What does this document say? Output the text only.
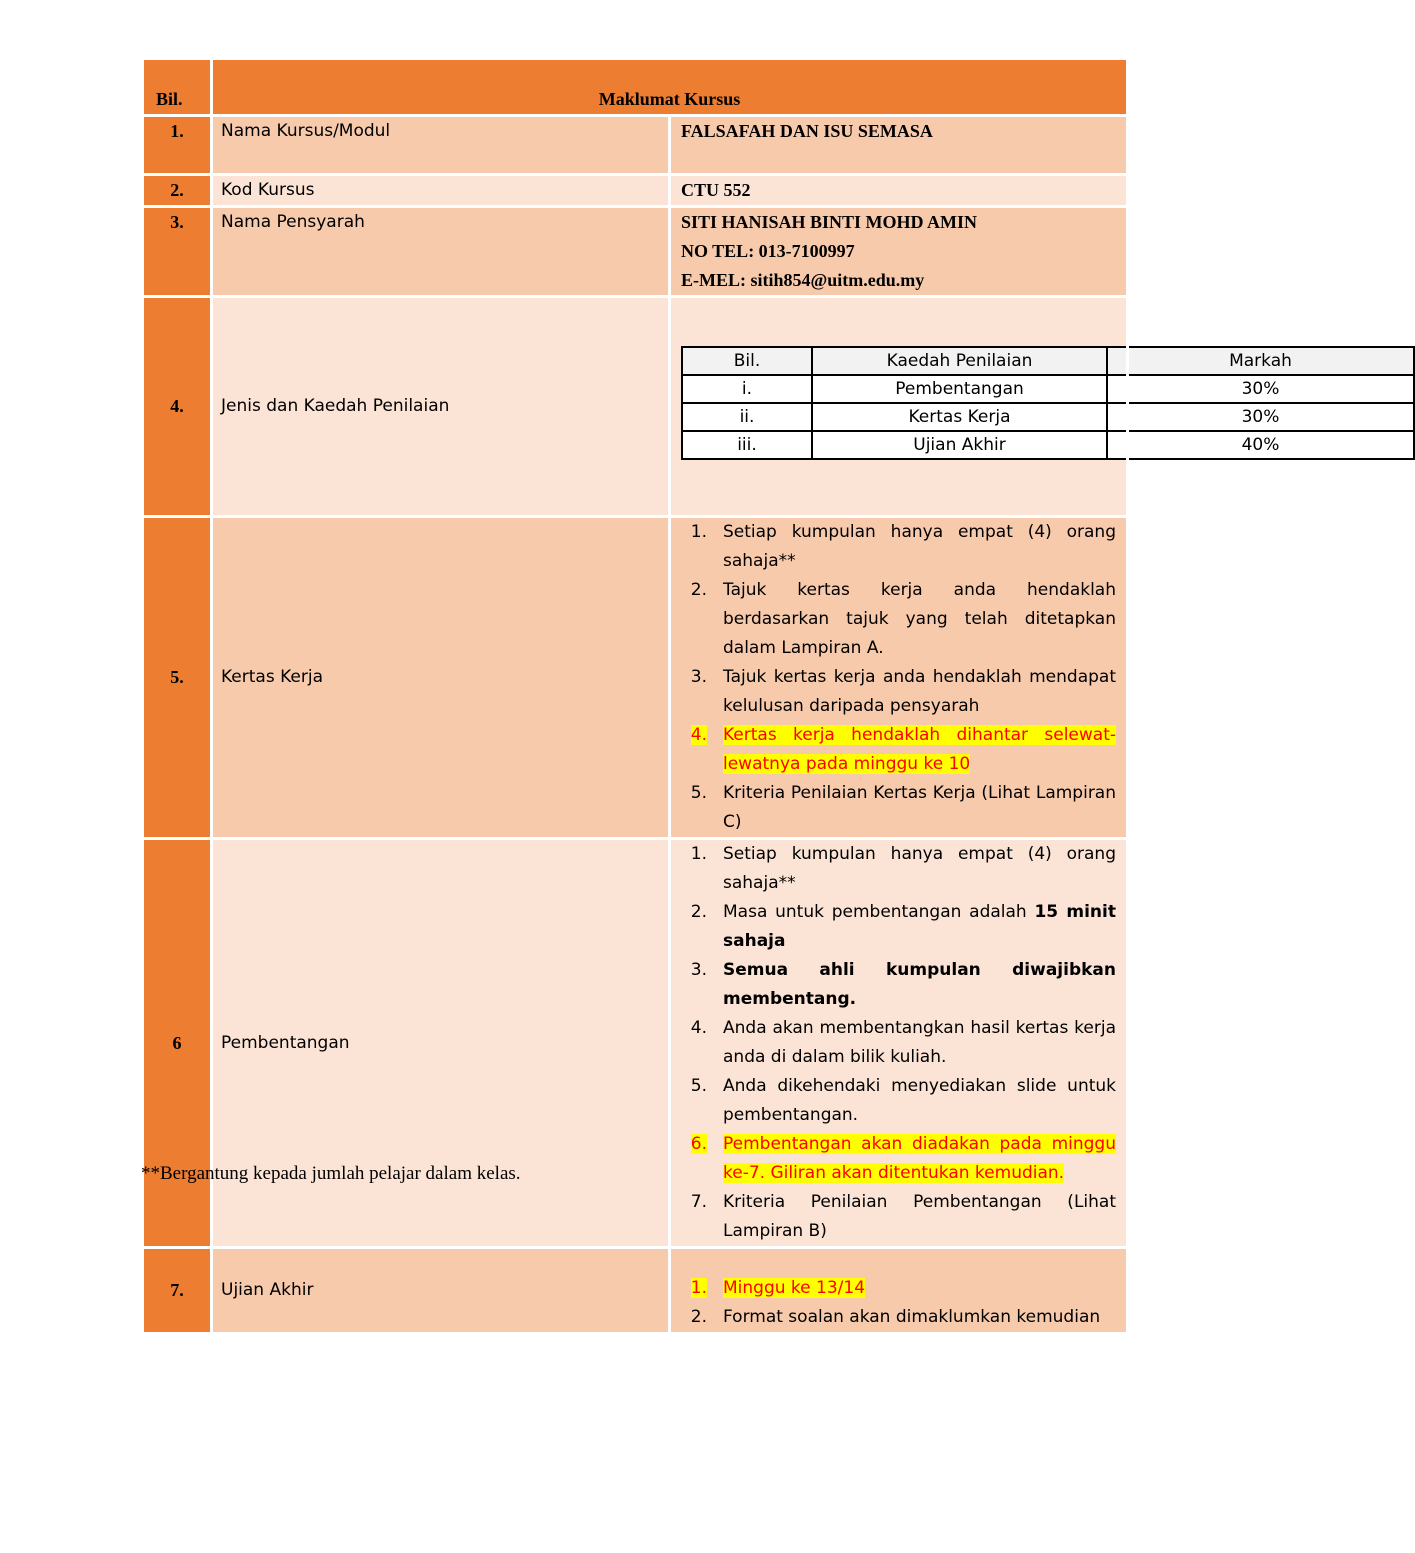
Bil.	Maklumat Kursus
1.	Nama Kursus/Modul	FALSAFAH DAN ISU SEMASA
2.	Kod Kursus	CTU 552
3.	Nama Pensyarah	SITI HANISAH BINTI MOHD AMIN
NO TEL: 013-7100997
E-MEL: sitih854@uitm.edu.my

4.	Jenis dan Kaedah Penilaian	
Bil.	Kaedah Penilaian	Markah
i.	Pembentangan	30%
ii.	Kertas Kerja	30%
iii.	Ujian Akhir	40%

5.	Kertas Kerja	
1. Setiap kumpulan hanya empat (4) orang sahaja**
2. Tajuk kertas kerja anda hendaklah berdasarkan tajuk yang telah ditetapkan dalam Lampiran A.
3. Tajuk kertas kerja anda hendaklah mendapat kelulusan daripada pensyarah
4. Kertas kerja hendaklah dihantar selewat-lewatnya pada minggu ke 10
5. Kriteria Penilaian Kertas Kerja (Lihat Lampiran C)

6	Pembentangan	
1. Setiap kumpulan hanya empat (4) orang sahaja**
2. Masa untuk pembentangan adalah 15 minit sahaja
3. Semua ahli kumpulan diwajibkan membentang.
4. Anda akan membentangkan hasil kertas kerja anda di dalam bilik kuliah.
5. Anda dikehendaki menyediakan slide untuk pembentangan.
6. Pembentangan akan diadakan pada minggu ke-7. Giliran akan ditentukan kemudian.
7. Kriteria Penilaian Pembentangan (Lihat Lampiran B)

7.	Ujian Akhir	1. Minggu ke 13/14
2. Format soalan akan dimaklumkan kemudian
**Bergantung kepada jumlah pelajar dalam kelas.
